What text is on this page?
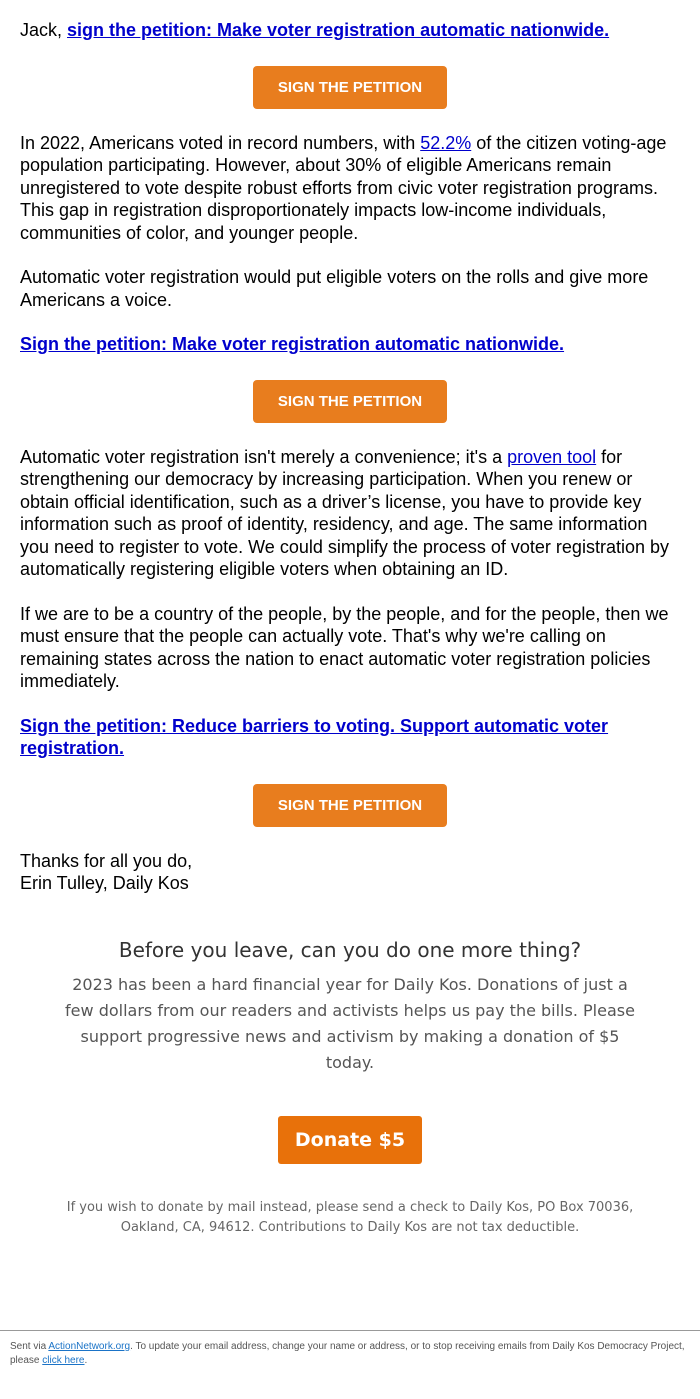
Jack, sign the petition: Make voter registration automatic nationwide.

SIGN THE PETITION

In 2022, Americans voted in record numbers, with 52.2% of the citizen voting-age population participating. However, about 30% of eligible Americans remain unregistered to vote despite robust efforts from civic voter registration programs. This gap in registration disproportionately impacts low-income individuals, communities of color, and younger people.

Automatic voter registration would put eligible voters on the rolls and give more Americans a voice.

Sign the petition: Make voter registration automatic nationwide.

SIGN THE PETITION

Automatic voter registration isn't merely a convenience; it's a proven tool for strengthening our democracy by increasing participation. When you renew or obtain official identification, such as a driver’s license, you have to provide key information such as proof of identity, residency, and age. The same information you need to register to vote. We could simplify the process of voter registration by automatically registering eligible voters when obtaining an ID.

If we are to be a country of the people, by the people, and for the people, then we must ensure that the people can actually vote. That's why we're calling on remaining states across the nation to enact automatic voter registration policies immediately.

Sign the petition: Reduce barriers to voting. Support automatic voter registration.

SIGN THE PETITION

Thanks for all you do,
Erin Tulley, Daily Kos

Before you leave, can you do one more thing?
2023 has been a hard financial year for Daily Kos. Donations of just a few dollars from our readers and activists helps us pay the bills. Please support progressive news and activism by making a donation of $5 today.
Donate $5
If you wish to donate by mail instead, please send a check to Daily Kos, PO Box 70036, Oakland, CA, 94612. Contributions to Daily Kos are not tax deductible.
Sent via ActionNetwork.org. To update your email address, change your name or address, or to stop receiving emails from Daily Kos Democracy Project, please click here.
